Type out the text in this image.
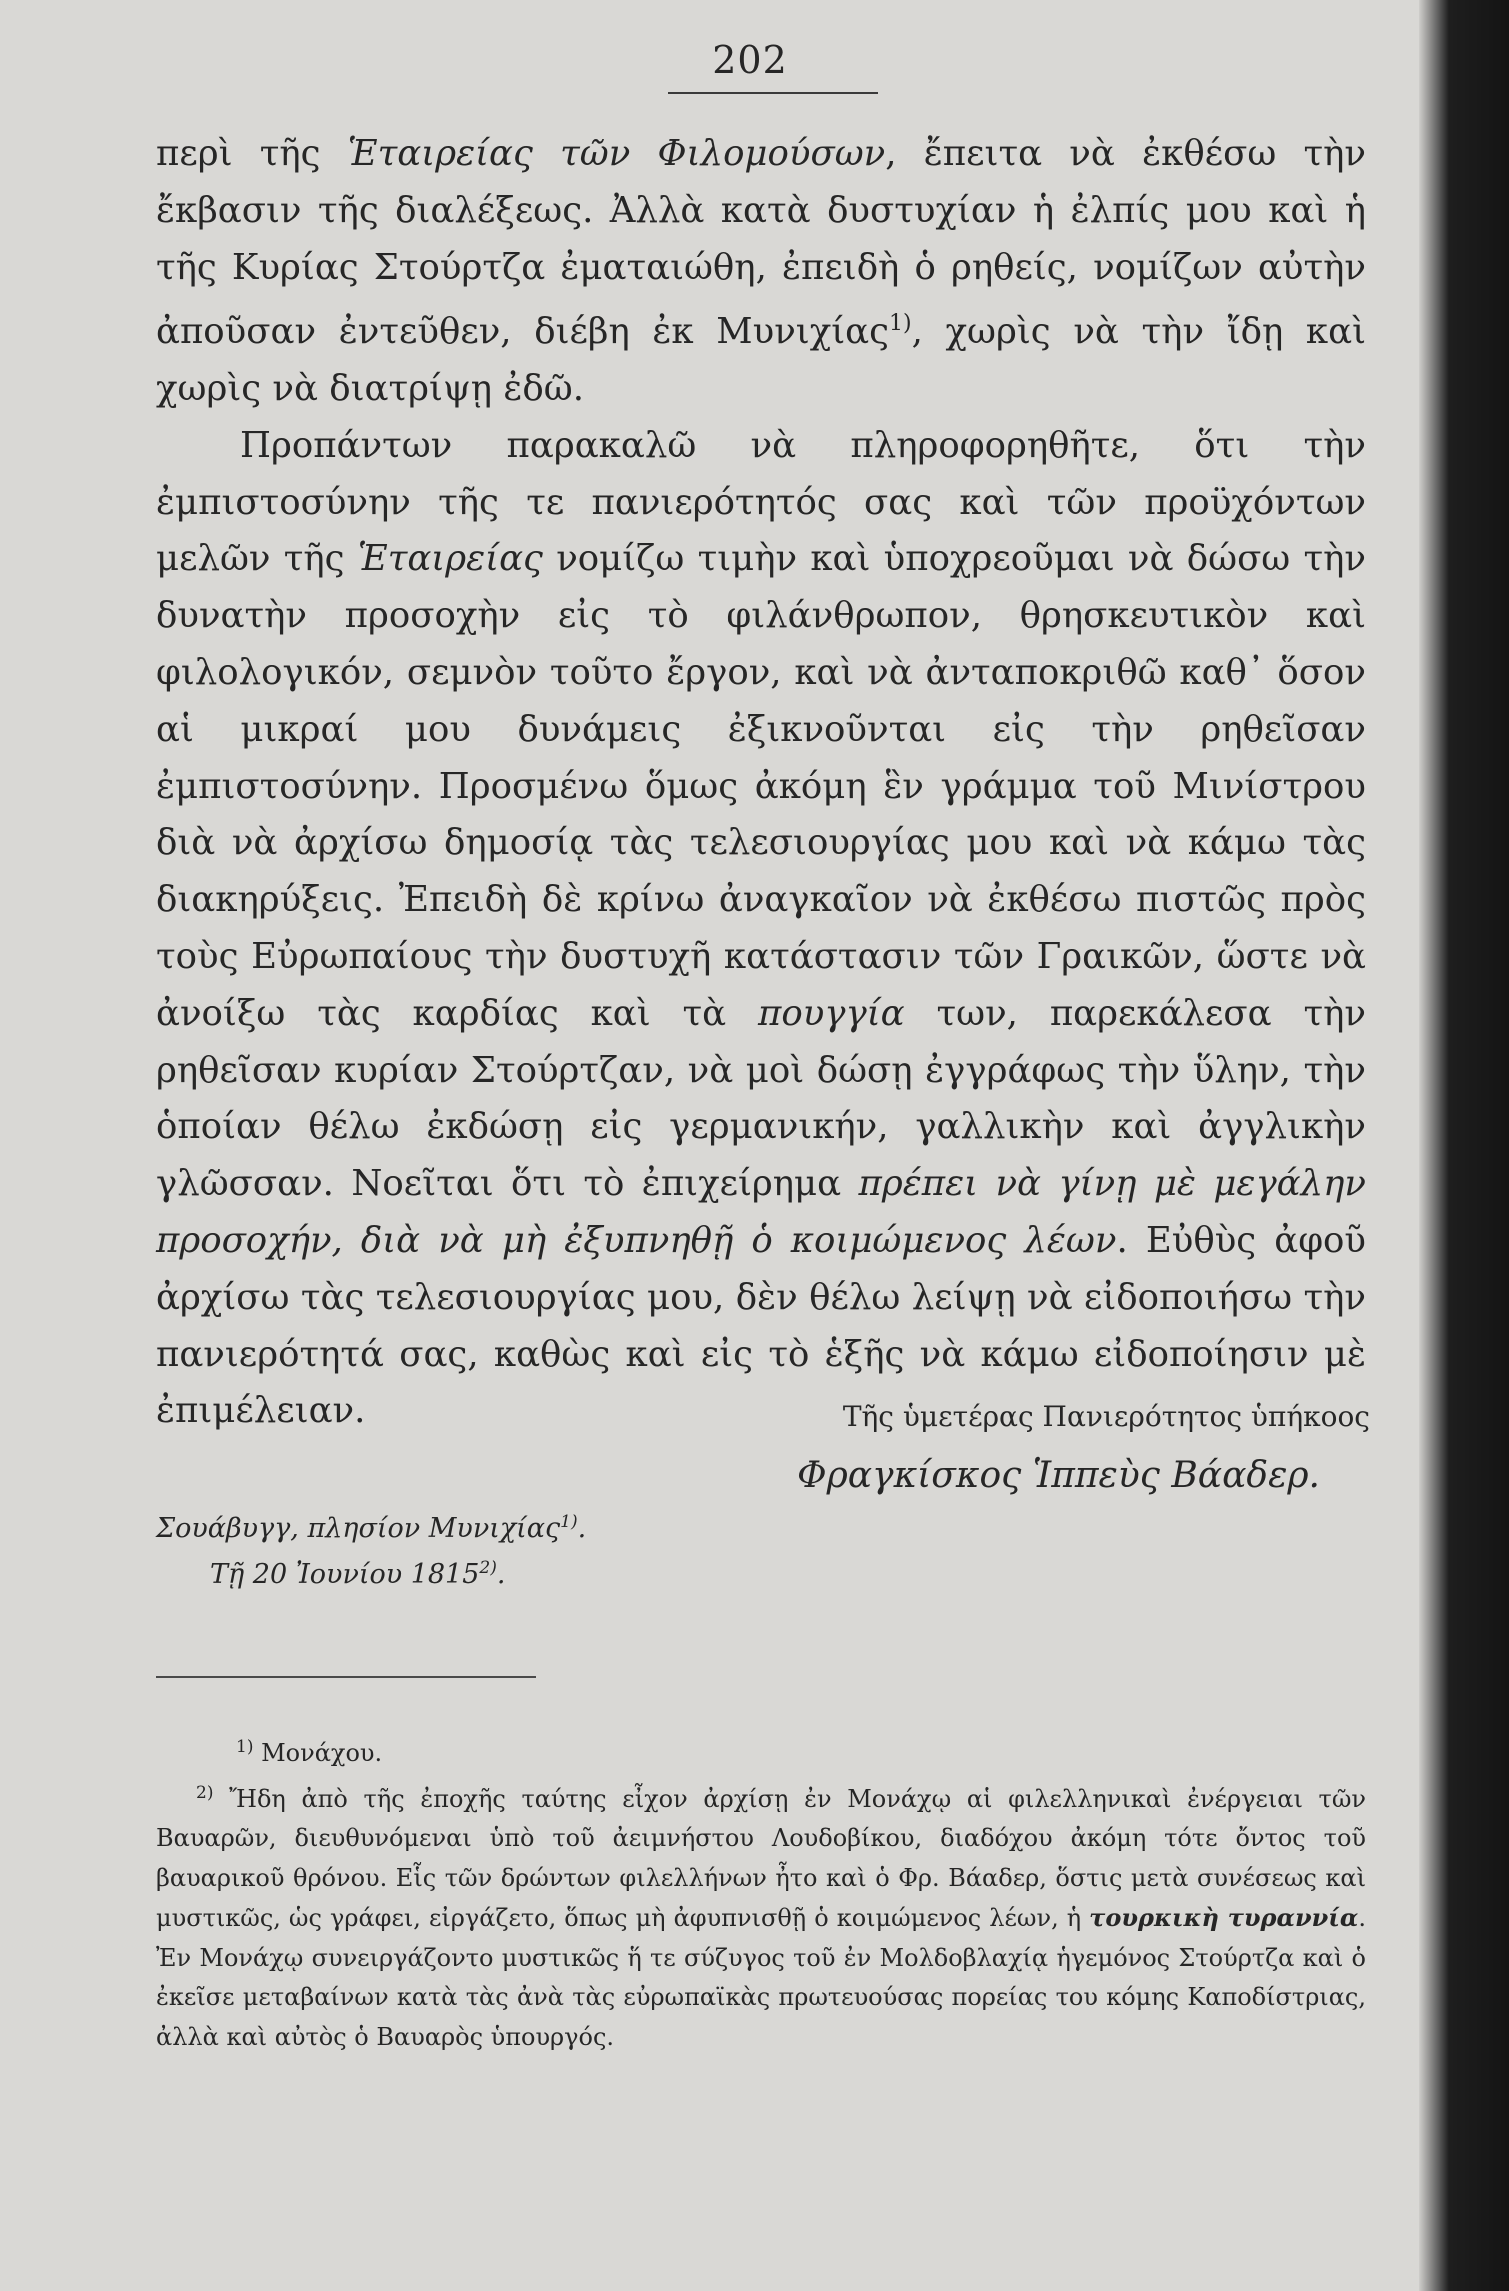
202

περὶ τῆς Ἑταιρείας τῶν Φιλομούσων, ἔπειτα νὰ ἐκθέσω τὴν ἔκβασιν τῆς διαλέξεως. Ἀλλὰ κατὰ δυστυχίαν ἡ ἐλπίς μου καὶ ἡ τῆς Κυρίας Στούρτζα ἐματαιώθη, ἐπειδὴ ὁ ρηθείς, νομίζων αὐτὴν ἀποῦσαν ἐντεῦθεν, διέβη ἐκ Μυνιχίας$^{1)}$, χωρὶς νὰ τὴν ἴδῃ καὶ χωρὶς νὰ διατρίψῃ ἐδῶ.

Προπάντων παρακαλῶ νὰ πληροφορηθῆτε, ὅτι τὴν ἐμπιστοσύνην τῆς τε πανιερότητός σας καὶ τῶν προϋχόντων μελῶν τῆς Ἑταιρείας νομίζω τιμὴν καὶ ὑποχρεοῦμαι νὰ δώσω τὴν δυνατὴν προσοχὴν εἰς τὸ φιλάνθρωπον, θρησκευτικὸν καὶ φιλολογικόν, σεμνὸν τοῦτο ἔργον, καὶ νὰ ἀνταποκριθῶ καθ᾽ ὅσον αἱ μικραί μου δυνάμεις ἐξικνοῦνται εἰς τὴν ρηθεῖσαν ἐμπιστοσύνην. Προσμένω ὅμως ἀκόμη ἓν γράμμα τοῦ Μινίστρου διὰ νὰ ἀρχίσω δημοσίᾳ τὰς τελεσιουργίας μου καὶ νὰ κάμω τὰς διακηρύξεις. Ἐπειδὴ δὲ κρίνω ἀναγκαῖον νὰ ἐκθέσω πιστῶς πρὸς τοὺς Εὐρωπαίους τὴν δυστυχῆ κατάστασιν τῶν Γραικῶν, ὥστε νὰ ἀνοίξω τὰς καρδίας καὶ τὰ πουγγία των, παρεκάλεσα τὴν ρηθεῖσαν κυρίαν Στούρτζαν, νὰ μοὶ δώσῃ ἐγγράφως τὴν ὕλην, τὴν ὁποίαν θέλω ἐκδώσῃ εἰς γερμανικήν, γαλλικὴν καὶ ἀγγλικὴν γλῶσσαν. Νοεῖται ὅτι τὸ ἐπιχείρημα πρέπει νὰ γίνῃ μὲ μεγάλην προσοχήν, διὰ νὰ μὴ ἐξυπνηθῇ ὁ κοιμώμενος λέων. Εὐθὺς ἀφοῦ ἀρχίσω τὰς τελεσιουργίας μου, δὲν θέλω λείψῃ νὰ εἰδοποιήσω τὴν πανιερότητά σας, καθὼς καὶ εἰς τὸ ἑξῆς νὰ κάμω εἰδοποίησιν μὲ ἐπιμέλειαν.	Τῆς ὑμετέρας Πανιερότητος ὑπήκοος
Φραγκίσκος Ἱππεὺς Βάαδερ.
Σουάβυγγ, πλησίον Μυνιχίας$^{1)}$.
Τῇ 20 Ἰουνίου 1815$^{2)}$.

$^{1)}$ Μονάχου.

$^{2)}$ Ἤδη ἀπὸ τῆς ἐποχῆς ταύτης εἶχον ἀρχίσῃ ἐν Μονάχῳ αἱ φιλελληνικαὶ ἐνέργειαι τῶν Βαυαρῶν, διευθυνόμεναι ὑπὸ τοῦ ἀειμνήστου Λουδοβίκου, διαδόχου ἀκόμη τότε ὄντος τοῦ βαυαρικοῦ θρόνου. Εἷς τῶν δρώντων φιλελλήνων ἦτο καὶ ὁ Φρ. Βάαδερ, ὅστις μετὰ συνέσεως καὶ μυστικῶς, ὡς γράφει, εἰργάζετο, ὅπως μὴ ἀφυπνισθῇ ὁ κοιμώμενος λέων, ἡ τουρκικὴ τυραννία. Ἐν Μονάχῳ συνειργάζοντο μυστικῶς ἥ τε σύζυγος τοῦ ἐν Μολδοβλαχίᾳ ἡγεμόνος Στούρτζα καὶ ὁ ἐκεῖσε μεταβαίνων κατὰ τὰς ἀνὰ τὰς εὐρωπαϊκὰς πρωτευούσας πορείας του κόμης Καποδίστριας, ἀλλὰ καὶ αὐτὸς ὁ Βαυαρὸς ὑπουργός.
